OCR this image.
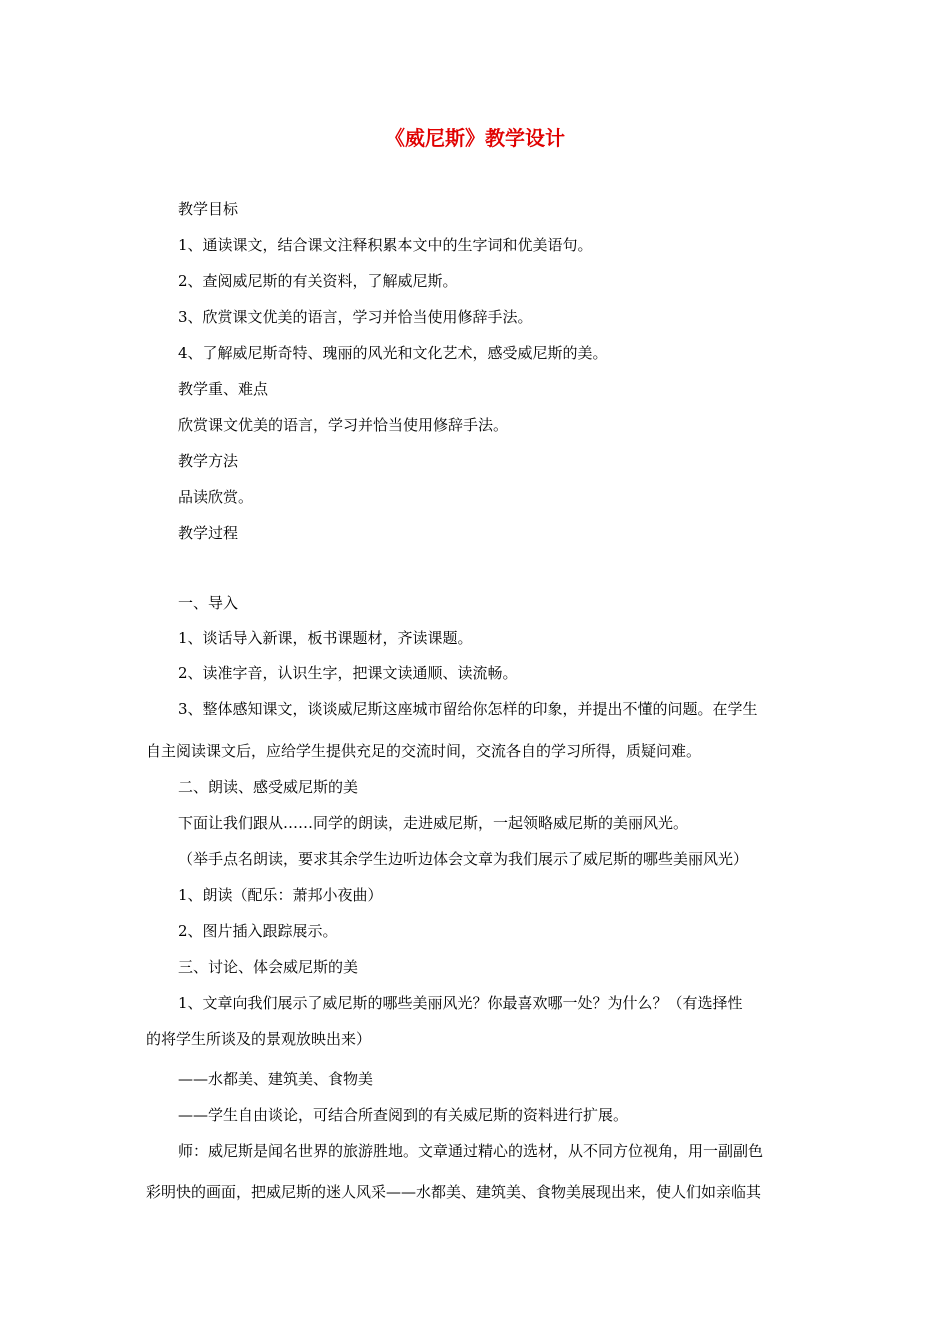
《威尼斯》教学设计
教学目标
1、通读课文，结合课文注释积累本文中的生字词和优美语句。
2、查阅威尼斯的有关资料，了解威尼斯。
3、欣赏课文优美的语言，学习并恰当使用修辞手法。
4、了解威尼斯奇特、瑰丽的风光和文化艺术，感受威尼斯的美。
教学重、难点
欣赏课文优美的语言，学习并恰当使用修辞手法。
教学方法
品读欣赏。
教学过程
一、导入
1、谈话导入新课，板书课题材，齐读课题。
2、读准字音，认识生字，把课文读通顺、读流畅。
3、整体感知课文，谈谈威尼斯这座城市留给你怎样的印象，并提出不懂的问题。在学生
自主阅读课文后，应给学生提供充足的交流时间，交流各自的学习所得，质疑问难。
二、朗读、感受威尼斯的美
下面让我们跟从……同学的朗读，走进威尼斯，一起领略威尼斯的美丽风光。
（举手点名朗读，要求其余学生边听边体会文章为我们展示了威尼斯的哪些美丽风光）
1、朗读（配乐：萧邦小夜曲）
2、图片插入跟踪展示。
三、讨论、体会威尼斯的美
1、文章向我们展示了威尼斯的哪些美丽风光？你最喜欢哪一处？为什么？（有选择性
的将学生所谈及的景观放映出来）
——水都美、建筑美、食物美
——学生自由谈论，可结合所查阅到的有关威尼斯的资料进行扩展。
师：威尼斯是闻名世界的旅游胜地。文章通过精心的选材，从不同方位视角，用一副副色
彩明快的画面，把威尼斯的迷人风采——水都美、建筑美、食物美展现出来，使人们如亲临其
